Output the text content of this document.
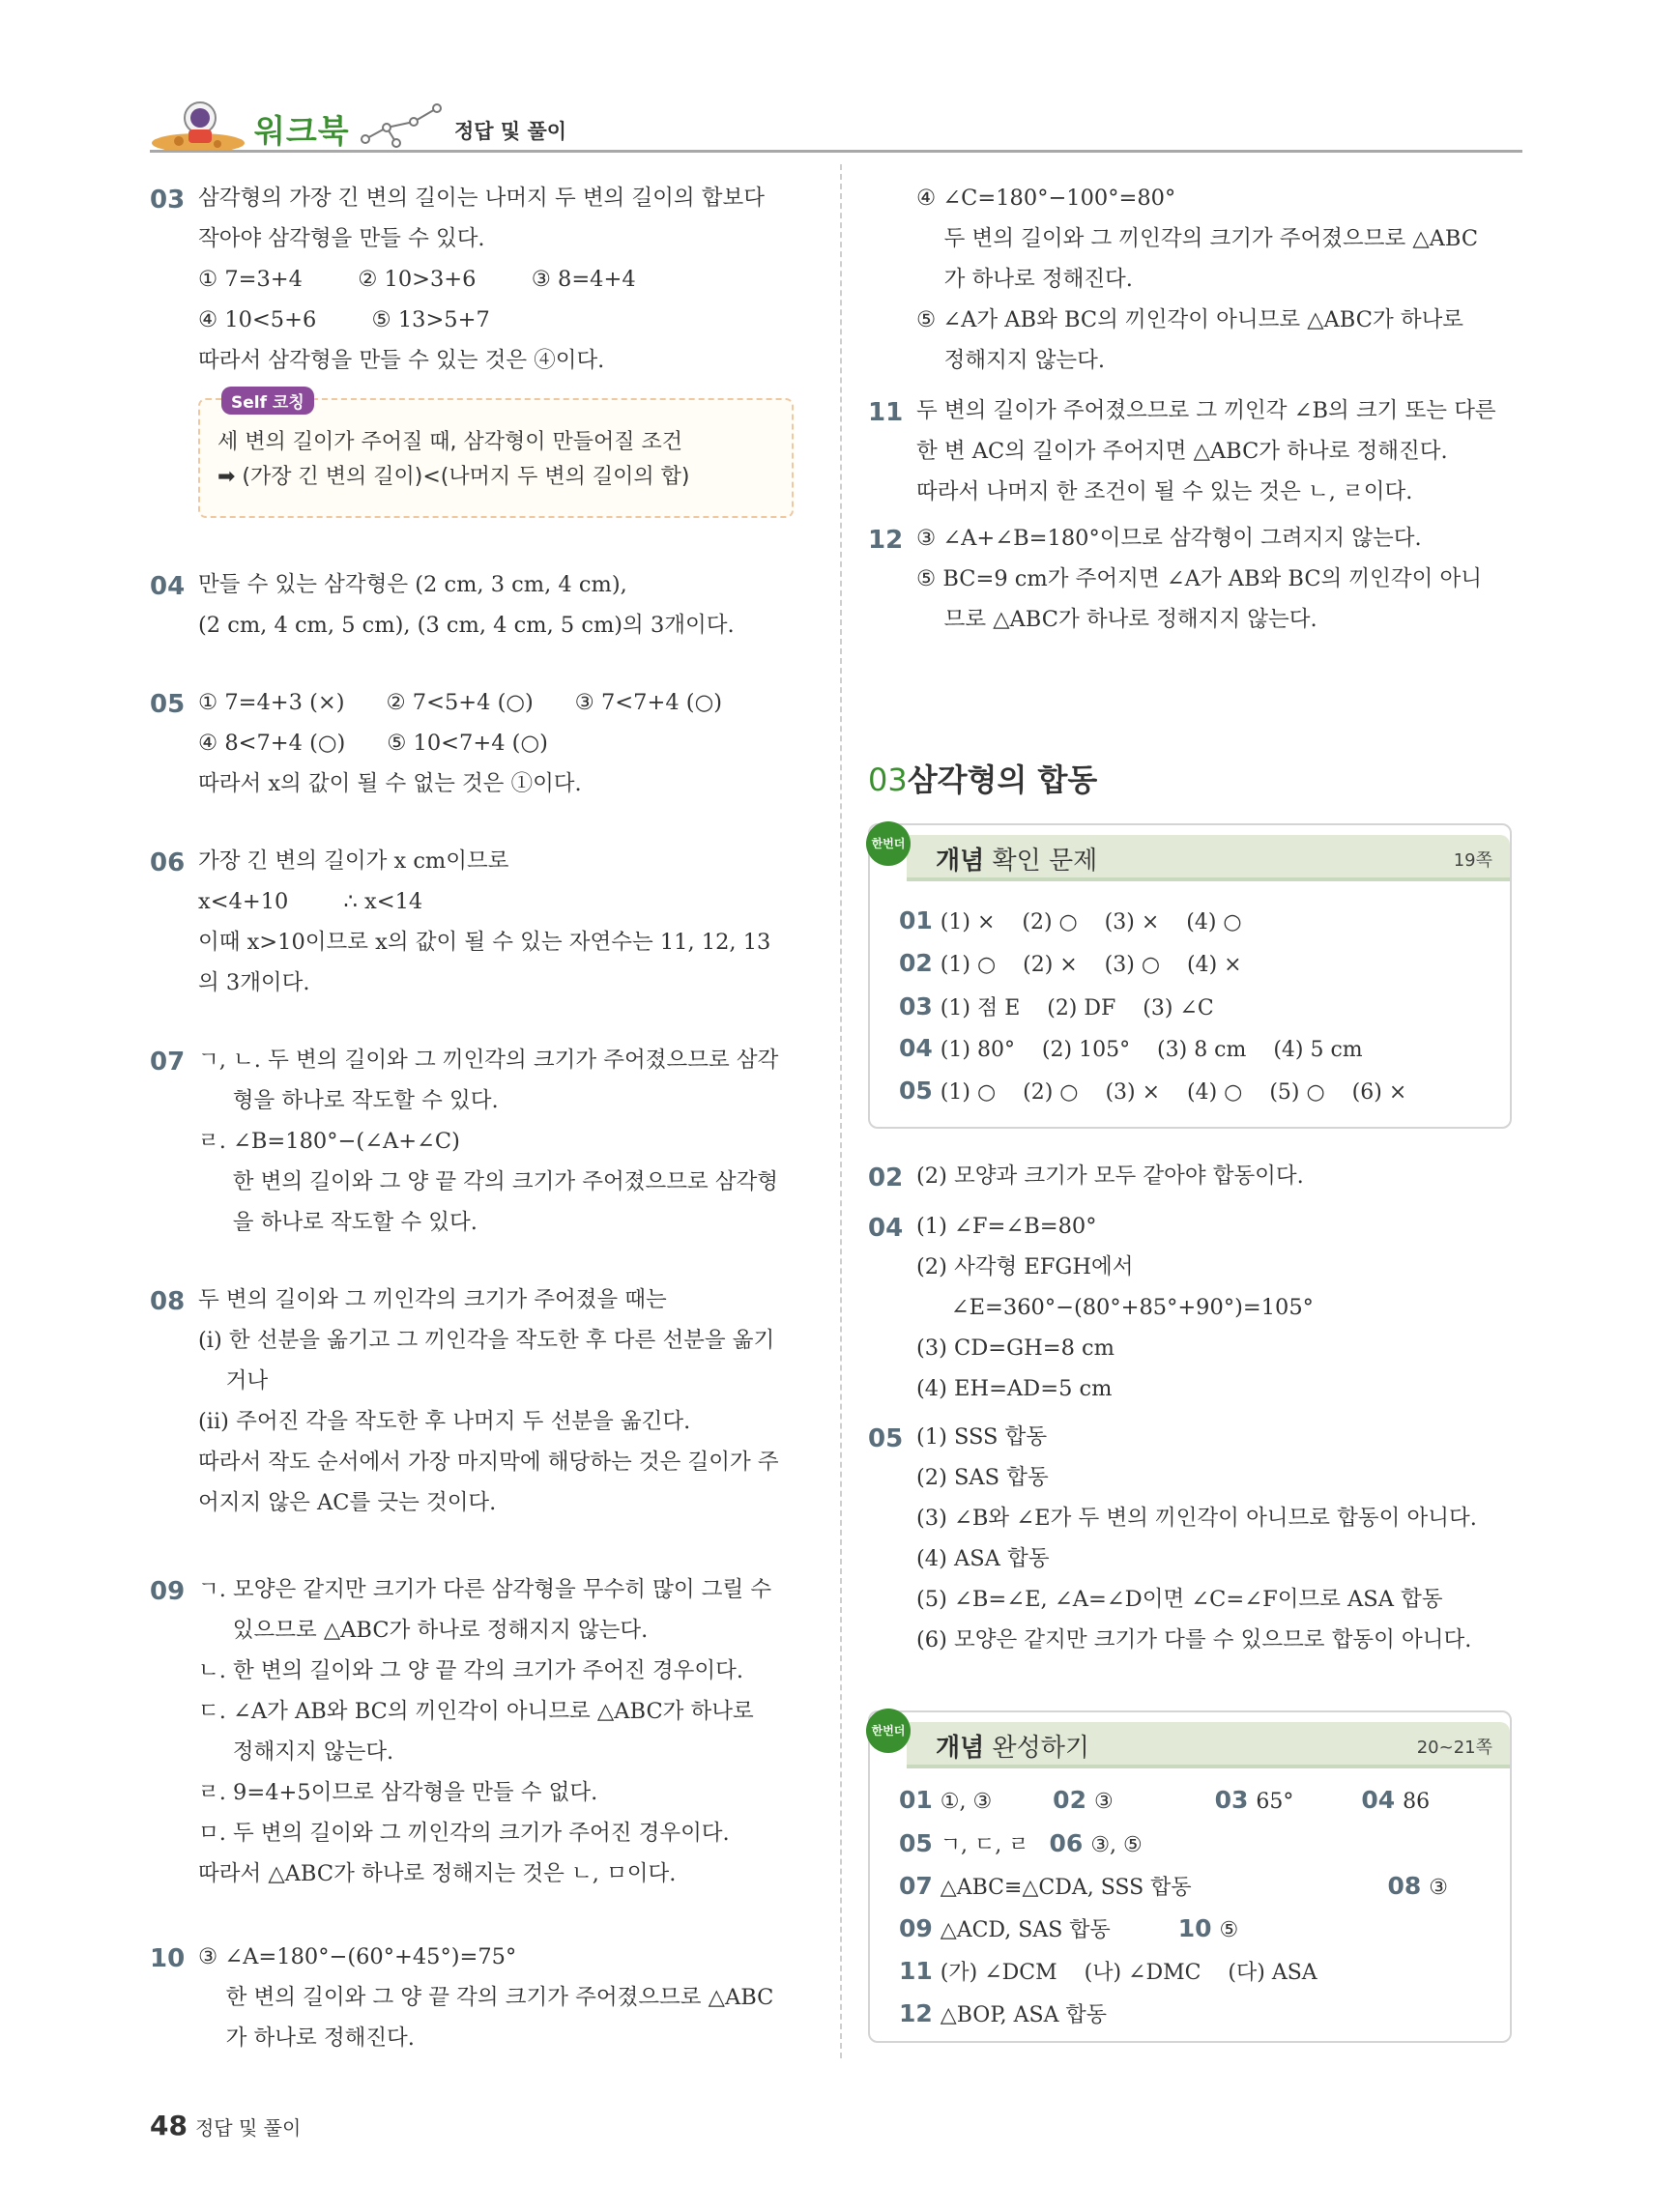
워크북	정답 및 풀이
03 삼각형의 가장 긴 변의 길이는 나머지 두 변의 길이의 합보다
작아야 삼각형을 만들 수 있다.
① 7=3+4        ② 10>3+6        ③ 8=4+4
④ 10<5+6        ⑤ 13>5+7
따라서 삼각형을 만들 수 있는 것은 ④이다.
Self 코칭
세 변의 길이가 주어질 때, 삼각형이 만들어질 조건
➡ (가장 긴 변의 길이)<(나머지 두 변의 길이의 합)
04 만들 수 있는 삼각형은 (2 cm, 3 cm, 4 cm),
(2 cm, 4 cm, 5 cm), (3 cm, 4 cm, 5 cm)의 3개이다.
05 ① 7=4+3 (×)      ② 7<5+4 (○)      ③ 7<7+4 (○)
④ 8<7+4 (○)      ⑤ 10<7+4 (○)
따라서 x의 값이 될 수 없는 것은 ①이다.
06 가장 긴 변의 길이가 x cm이므로
x<4+10        ∴ x<14
이때 x>10이므로 x의 값이 될 수 있는 자연수는 11, 12, 13
의 3개이다.
07 ㄱ, ㄴ. 두 변의 길이와 그 끼인각의 크기가 주어졌으므로 삼각
형을 하나로 작도할 수 있다.
ㄹ. ∠B=180°−(∠A+∠C)
한 변의 길이와 그 양 끝 각의 크기가 주어졌으므로 삼각형
을 하나로 작도할 수 있다.
08 두 변의 길이와 그 끼인각의 크기가 주어졌을 때는
(i) 한 선분을 옮기고 그 끼인각을 작도한 후 다른 선분을 옮기
거나
(ii) 주어진 각을 작도한 후 나머지 두 선분을 옮긴다.
따라서 작도 순서에서 가장 마지막에 해당하는 것은 길이가 주
어지지 않은 AC를 긋는 것이다.
09 ㄱ. 모양은 같지만 크기가 다른 삼각형을 무수히 많이 그릴 수
있으므로 △ABC가 하나로 정해지지 않는다.
ㄴ. 한 변의 길이와 그 양 끝 각의 크기가 주어진 경우이다.
ㄷ. ∠A가 AB와 BC의 끼인각이 아니므로 △ABC가 하나로
정해지지 않는다.
ㄹ. 9=4+5이므로 삼각형을 만들 수 없다.
ㅁ. 두 변의 길이와 그 끼인각의 크기가 주어진 경우이다.
따라서 △ABC가 하나로 정해지는 것은 ㄴ, ㅁ이다.
10 ③ ∠A=180°−(60°+45°)=75°
한 변의 길이와 그 양 끝 각의 크기가 주어졌으므로 △ABC
가 하나로 정해진다.
④ ∠C=180°−100°=80°
두 변의 길이와 그 끼인각의 크기가 주어졌으므로 △ABC
가 하나로 정해진다.
⑤ ∠A가 AB와 BC의 끼인각이 아니므로 △ABC가 하나로
정해지지 않는다.
11 두 변의 길이가 주어졌으므로 그 끼인각 ∠B의 크기 또는 다른
한 변 AC의 길이가 주어지면 △ABC가 하나로 정해진다.
따라서 나머지 한 조건이 될 수 있는 것은 ㄴ, ㄹ이다.
12 ③ ∠A+∠B=180°이므로 삼각형이 그려지지 않는다.
⑤ BC=9 cm가 주어지면 ∠A가 AB와 BC의 끼인각이 아니
므로 △ABC가 하나로 정해지지 않는다.
03삼각형의 합동
개념 확인 문제	19쪽
한번더
01 (1) ×    (2) ○    (3) ×    (4) ○
02 (1) ○    (2) ×    (3) ○    (4) ×
03 (1) 점 E    (2) DF    (3) ∠C
04 (1) 80°    (2) 105°    (3) 8 cm    (4) 5 cm
05 (1) ○    (2) ○    (3) ×    (4) ○    (5) ○    (6) ×
02 (2) 모양과 크기가 모두 같아야 합동이다.
04 (1) ∠F=∠B=80°
(2) 사각형 EFGH에서
∠E=360°−(80°+85°+90°)=105°
(3) CD=GH=8 cm
(4) EH=AD=5 cm
05 (1) SSS 합동
(2) SAS 합동
(3) ∠B와 ∠E가 두 변의 끼인각이 아니므로 합동이 아니다.
(4) ASA 합동
(5) ∠B=∠E, ∠A=∠D이면 ∠C=∠F이므로 ASA 합동
(6) 모양은 같지만 크기가 다를 수 있으므로 합동이 아니다.
개념 완성하기	20~21쪽
한번더
01 ①, ③         02 ③               03 65°          04 86
05 ㄱ, ㄷ, ㄹ   06 ③, ⑤
07 △ABC≡△CDA, SSS 합동                             08 ③
09 △ACD, SAS 합동          10 ⑤
11 (가) ∠DCM    (나) ∠DMC    (다) ASA
12 △BOP, ASA 합동
48 정답 및 풀이
